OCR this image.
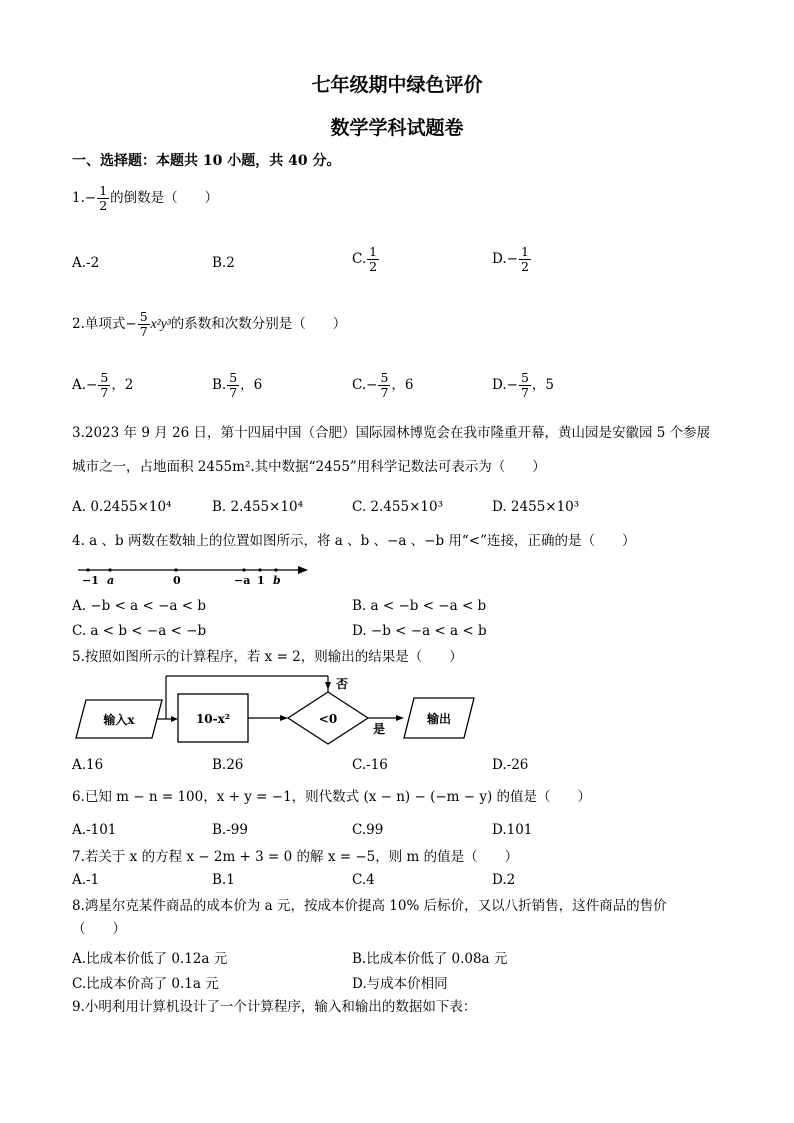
七年级期中绿色评价
数学学科试题卷
一、选择题：本题共 10 小题，共 40 分。
$1.- \frac{1}{2}$ 的倒数是（　　）
A.-2	B.2	C. $\frac{1}{2}$	$D.- \frac{1}{2}$
2.单项式− $\frac{5}{7} x^2y^3$的系数和次数分别是（　　）
$A.- \frac{5}{7}$ ，2	B. $\frac{5}{7}$ ，6	$C.- \frac{5}{7}$ ，6	$D.- \frac{5}{7}$ ，5
3.2023 年 9 月 26 日，第十四届中国（合肥）国际园林博览会在我市隆重开幕，黄山园是安徽园 5 个参展
城市之一，占地面积 2455m².其中数据“2455”用科学记数法可表示为（　　）
A. 0.2455×10⁴	B. 2.455×10⁴	C. 2.455×10³	D. 2455×10³
4. a 、b 两数在数轴上的位置如图所示，将 a 、b 、−a 、−b 用“<”连接，正确的是（　　）
−1 a	0	−a 1 b
A. −b < a < −a < b	B. a < −b < −a < b
C. a < b < −a < −b	D. −b < −a < a < b
5.按照如图所示的计算程序，若 x = 2，则输出的结果是（　　）
输入x	10-x²	<0
否
是
输出
A.16	B.26	C.-16	D.-26
6.已知 m − n = 100，x + y = −1，则代数式 (x − n) − (−m − y) 的值是（　　）
A.-101	B.-99	C.99	D.101
7.若关于 x 的方程 x − 2m + 3 = 0 的解 x = −5，则 m 的值是（　　）
A.-1	B.1	C.4	D.2
8.鸿星尔克某件商品的成本价为 a 元，按成本价提高 10% 后标价，又以八折销售，这件商品的售价
（　　）
A.比成本价低了 0.12a 元	B.比成本价低了 0.08a 元
C.比成本价高了 0.1a 元	D.与成本价相同
9.小明利用计算机设计了一个计算程序，输入和输出的数据如下表：
